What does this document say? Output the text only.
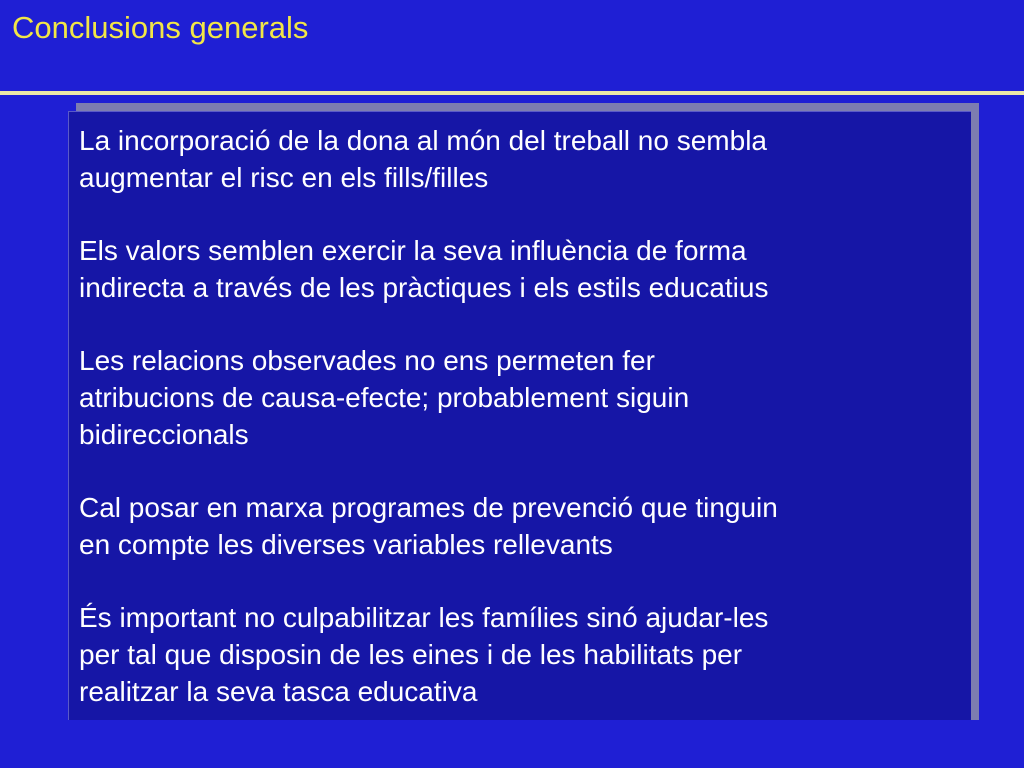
Conclusions generals
La incorporació de la dona al món del treball no sembla
augmentar el risc en els fills/filles
Els valors semblen exercir la seva influència de forma
indirecta a través de les pràctiques i els estils educatius
Les relacions observades no ens permeten fer
atribucions de causa-efecte; probablement siguin
bidireccionals
Cal posar en marxa programes de prevenció que tinguin
en compte les diverses variables rellevants
És important no culpabilitzar les famílies sinó ajudar-les
per tal que disposin de les eines i de les habilitats per
realitzar la seva tasca educativa
